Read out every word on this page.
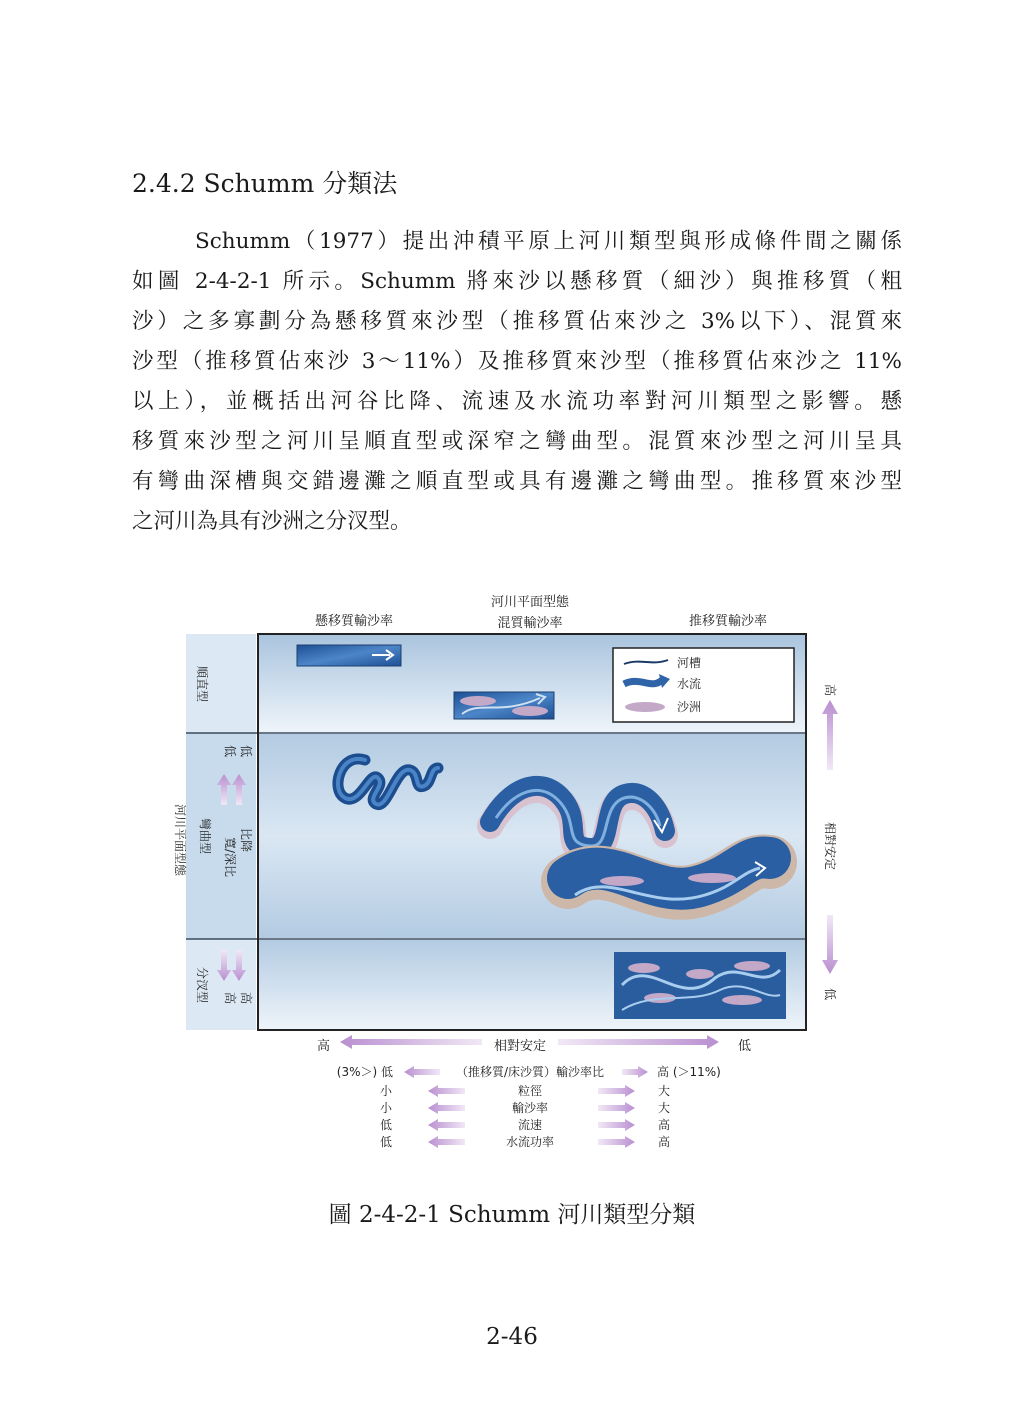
2.4.2 Schumm 分類法
Schumm（1977）提出沖積平原上河川類型與形成條件間之關係
如圖 2-4-2-1 所示。Schumm 將來沙以懸移質（細沙）與推移質（粗
沙）之多寡劃分為懸移質來沙型（推移質佔來沙之 3%以下）、混質來
沙型（推移質佔來沙 3～11%）及推移質來沙型（推移質佔來沙之 11%
以上），並概括出河谷比降、流速及水流功率對河川類型之影響。懸
移質來沙型之河川呈順直型或深窄之彎曲型。混質來沙型之河川呈具
有彎曲深槽與交錯邊灘之順直型或具有邊灘之彎曲型。推移質來沙型
之河川為具有沙洲之分汊型。
河川平面型態
懸移質輸沙率	混質輸沙率	推移質輸沙率
河川平面型態
順直型
彎曲型
分汊型
寬/深比 比降
低 低
高 高
河槽
水流
沙洲
高
相對安定
低
高	相對安定	低
(3%＞) 低	（推移質/床沙質）輸沙率比	高 (＞11%)
小	粒徑	大
小	輸沙率	大
低	流速	高
低	水流功率	高
圖 2-4-2-1 Schumm 河川類型分類
2-46
